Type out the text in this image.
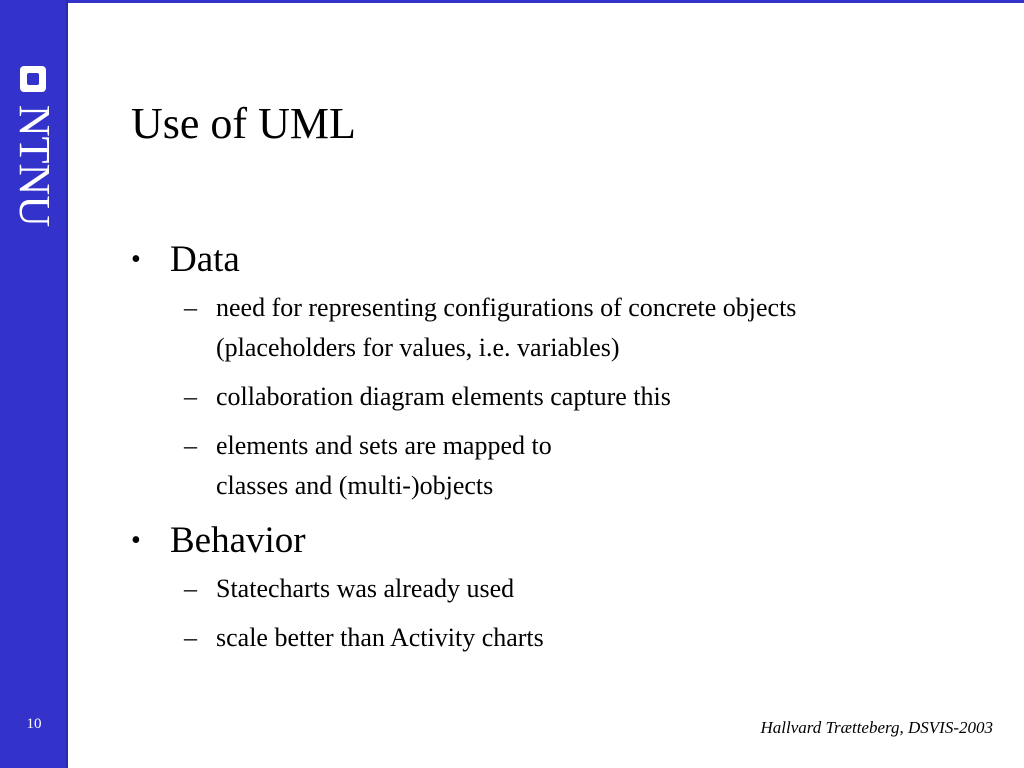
NTNU
10
Use of UML
• Data
– need for representing configurations of concrete objects
(placeholders for values, i.e. variables)
– collaboration diagram elements capture this
– elements and sets are mapped to
classes and (multi-)objects
• Behavior
– Statecharts was already used
– scale better than Activity charts
Hallvard Trætteberg, DSVIS-2003
